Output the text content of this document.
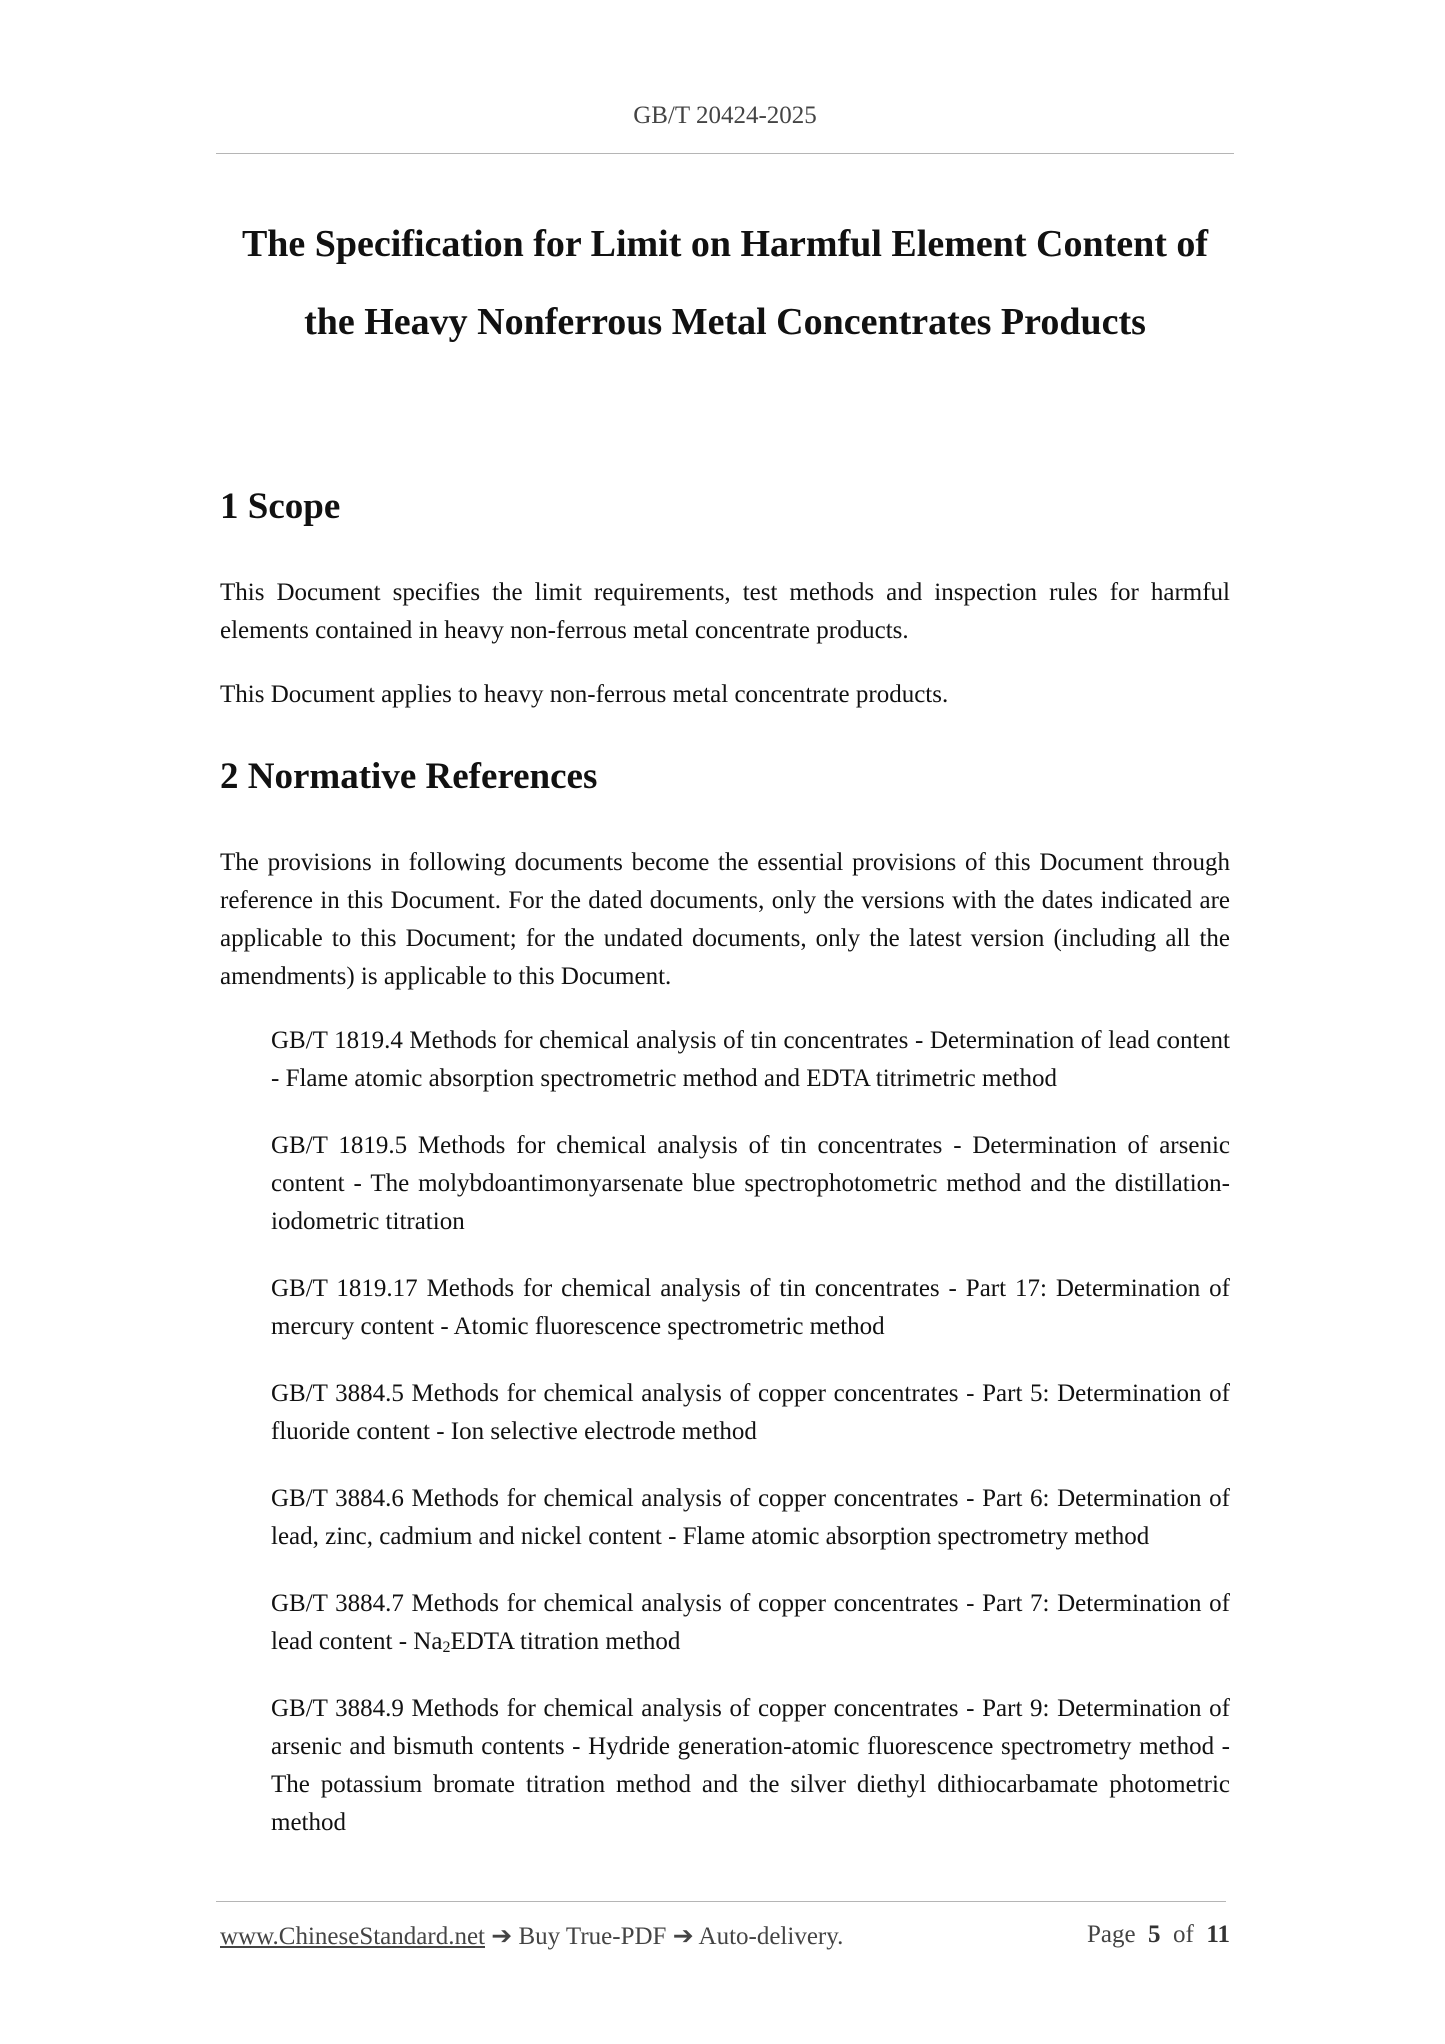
GB/T 20424-2025
The Specification for Limit on Harmful Element Content of
the Heavy Nonferrous Metal Concentrates Products
1 Scope

This Document specifies the limit requirements, test methods and inspection rules for harmful elements contained in heavy non-ferrous metal concentrate products.

This Document applies to heavy non-ferrous metal concentrate products.

2 Normative References

The provisions in following documents become the essential provisions of this Document through reference in this Document. For the dated documents, only the versions with the dates indicated are applicable to this Document; for the undated documents, only the latest version (including all the amendments) is applicable to this Document.

GB/T 1819.4 Methods for chemical analysis of tin concentrates - Determination of lead content - Flame atomic absorption spectrometric method and EDTA titrimetric method
GB/T 1819.5 Methods for chemical analysis of tin concentrates - Determination of arsenic content - The molybdoantimonyarsenate blue spectrophotometric method and the distillation-iodometric titration
GB/T 1819.17 Methods for chemical analysis of tin concentrates - Part 17: Determination of mercury content - Atomic fluorescence spectrometric method
GB/T 3884.5 Methods for chemical analysis of copper concentrates - Part 5: Determination of fluoride content - Ion selective electrode method
GB/T 3884.6 Methods for chemical analysis of copper concentrates - Part 6: Determination of lead, zinc, cadmium and nickel content - Flame atomic absorption spectrometry method
GB/T 3884.7 Methods for chemical analysis of copper concentrates - Part 7: Determination of lead content - $Na_2EDTA$ titration method
GB/T 3884.9 Methods for chemical analysis of copper concentrates - Part 9: Determination of arsenic and bismuth contents - Hydride generation-atomic fluorescence spectrometry method - The potassium bromate titration method and the silver diethyl dithiocarbamate photometric method
www.ChineseStandard.net ➔ Buy True-PDF ➔ Auto-delivery.	Page 5 of 11
